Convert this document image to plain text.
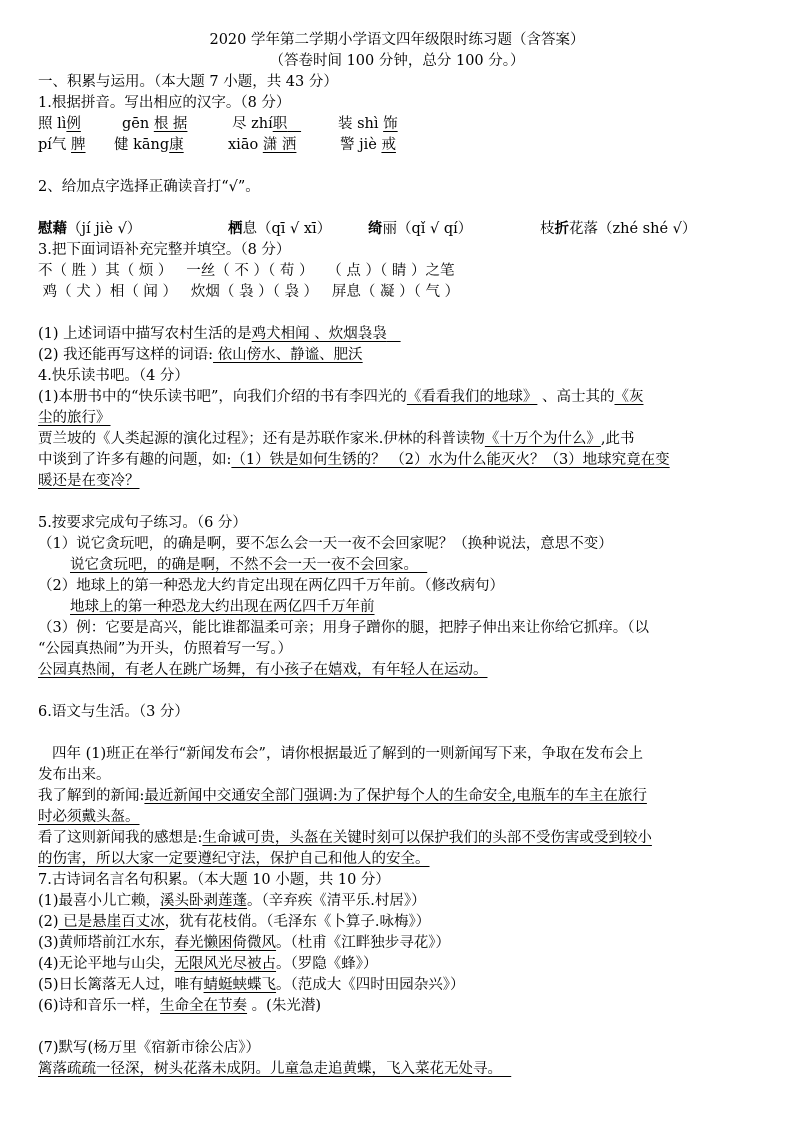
2020 学年第二学期小学语文四年级限时练习题（含答案）
（答卷时间 100 分钟，总分 100 分。）
一、积累与运用。（本大题 7 小题，共 43 分）
1.根据拼音。写出相应的汉字。（8 分）
照 lì例	gēn 根 据	尽 zhí职	装 shì 饰
pí气 脾 健 kāng康	xiāo 潇 洒	警 jiè 戒
2、给加点字选择正确读音打“√”。
慰藉（jí jiè √）	栖息（qī √ xī）	绮丽（qǐ √ qí）	枝折花落（zhé shé √）
3.把下面词语补充完整并填空。（8 分）
不（ 胜 ）其（ 烦 ）   一丝（ 不 ）（ 苟 ）   （ 点 ）（ 睛 ）之笔
鸡（ 犬 ）相（ 闻 ）   炊烟（ 袅 ）（ 袅 ）   屏息（ 凝 ）（ 气 ）
(1) 上述词语中描写农村生活的是鸡犬相闻 、炊烟袅袅
(2) 我还能再写这样的词语: 依山傍水、静谧、肥沃
4.快乐读书吧。（4 分）
(1)本册书中的“快乐读书吧”，向我们介绍的书有李四光的《看看我们的地球》 、高士其的《灰
尘的旅行》
贾兰坡的《人类起源的演化过程》；还有是苏联作家米.伊林的科普读物《十万个为什么》,此书
中谈到了许多有趣的问题，如:（1）铁是如何生锈的？ （2）水为什么能灭火？（3）地球究竟在变
暖还是在变冷？
5.按要求完成句子练习。（6 分）
（1）说它贪玩吧，的确是啊，要不怎么会一天一夜不会回家呢？（换种说法，意思不变）
说它贪玩吧，的确是啊，不然不会一天一夜不会回家。
（2）地球上的第一种恐龙大约肯定出现在两亿四千万年前。（修改病句）
地球上的第一种恐龙大约出现在两亿四千万年前
（3）例：它要是高兴，能比谁都温柔可亲；用身子蹭你的腿，把脖子伸出来让你给它抓痒。（以
“公园真热闹”为开头，仿照着写一写。）
公园真热闹，有老人在跳广场舞，有小孩子在嬉戏，有年轻人在运动。
6.语文与生活。（3 分）
四年 (1)班正在举行“新闻发布会”，请你根据最近了解到的一则新闻写下来，争取在发布会上
发布出来。
我了解到的新闻:最近新闻中交通安全部门强调:为了保护每个人的生命安全,电瓶车的车主在旅行
时必须戴头盔。
看了这则新闻我的感想是:生命诚可贵，头盔在关键时刻可以保护我们的头部不受伤害或受到较小
的伤害，所以大家一定要遵纪守法，保护自己和他人的安全。
7.古诗词名言名句积累。（本大题 10 小题，共 10 分）
(1)最喜小儿亡赖，溪头卧剥莲蓬。（辛弃疾《清平乐.村居》）
(2) 已是悬崖百丈冰，犹有花枝俏。（毛泽东《卜算子.咏梅》）
(3)黄师塔前江水东，春光懒困倚微风。（杜甫《江畔独步寻花》）
(4)无论平地与山尖，无限风光尽被占。（罗隐《蜂》）
(5)日长篱落无人过，唯有蜻蜓蛱蝶飞。（范成大《四时田园杂兴》）
(6)诗和音乐一样，生命全在节奏 。(朱光潜)
(7)默写(杨万里《宿新市徐公店》）
篱落疏疏一径深，树头花落未成阴。儿童急走追黄蝶，飞入菜花无处寻。
